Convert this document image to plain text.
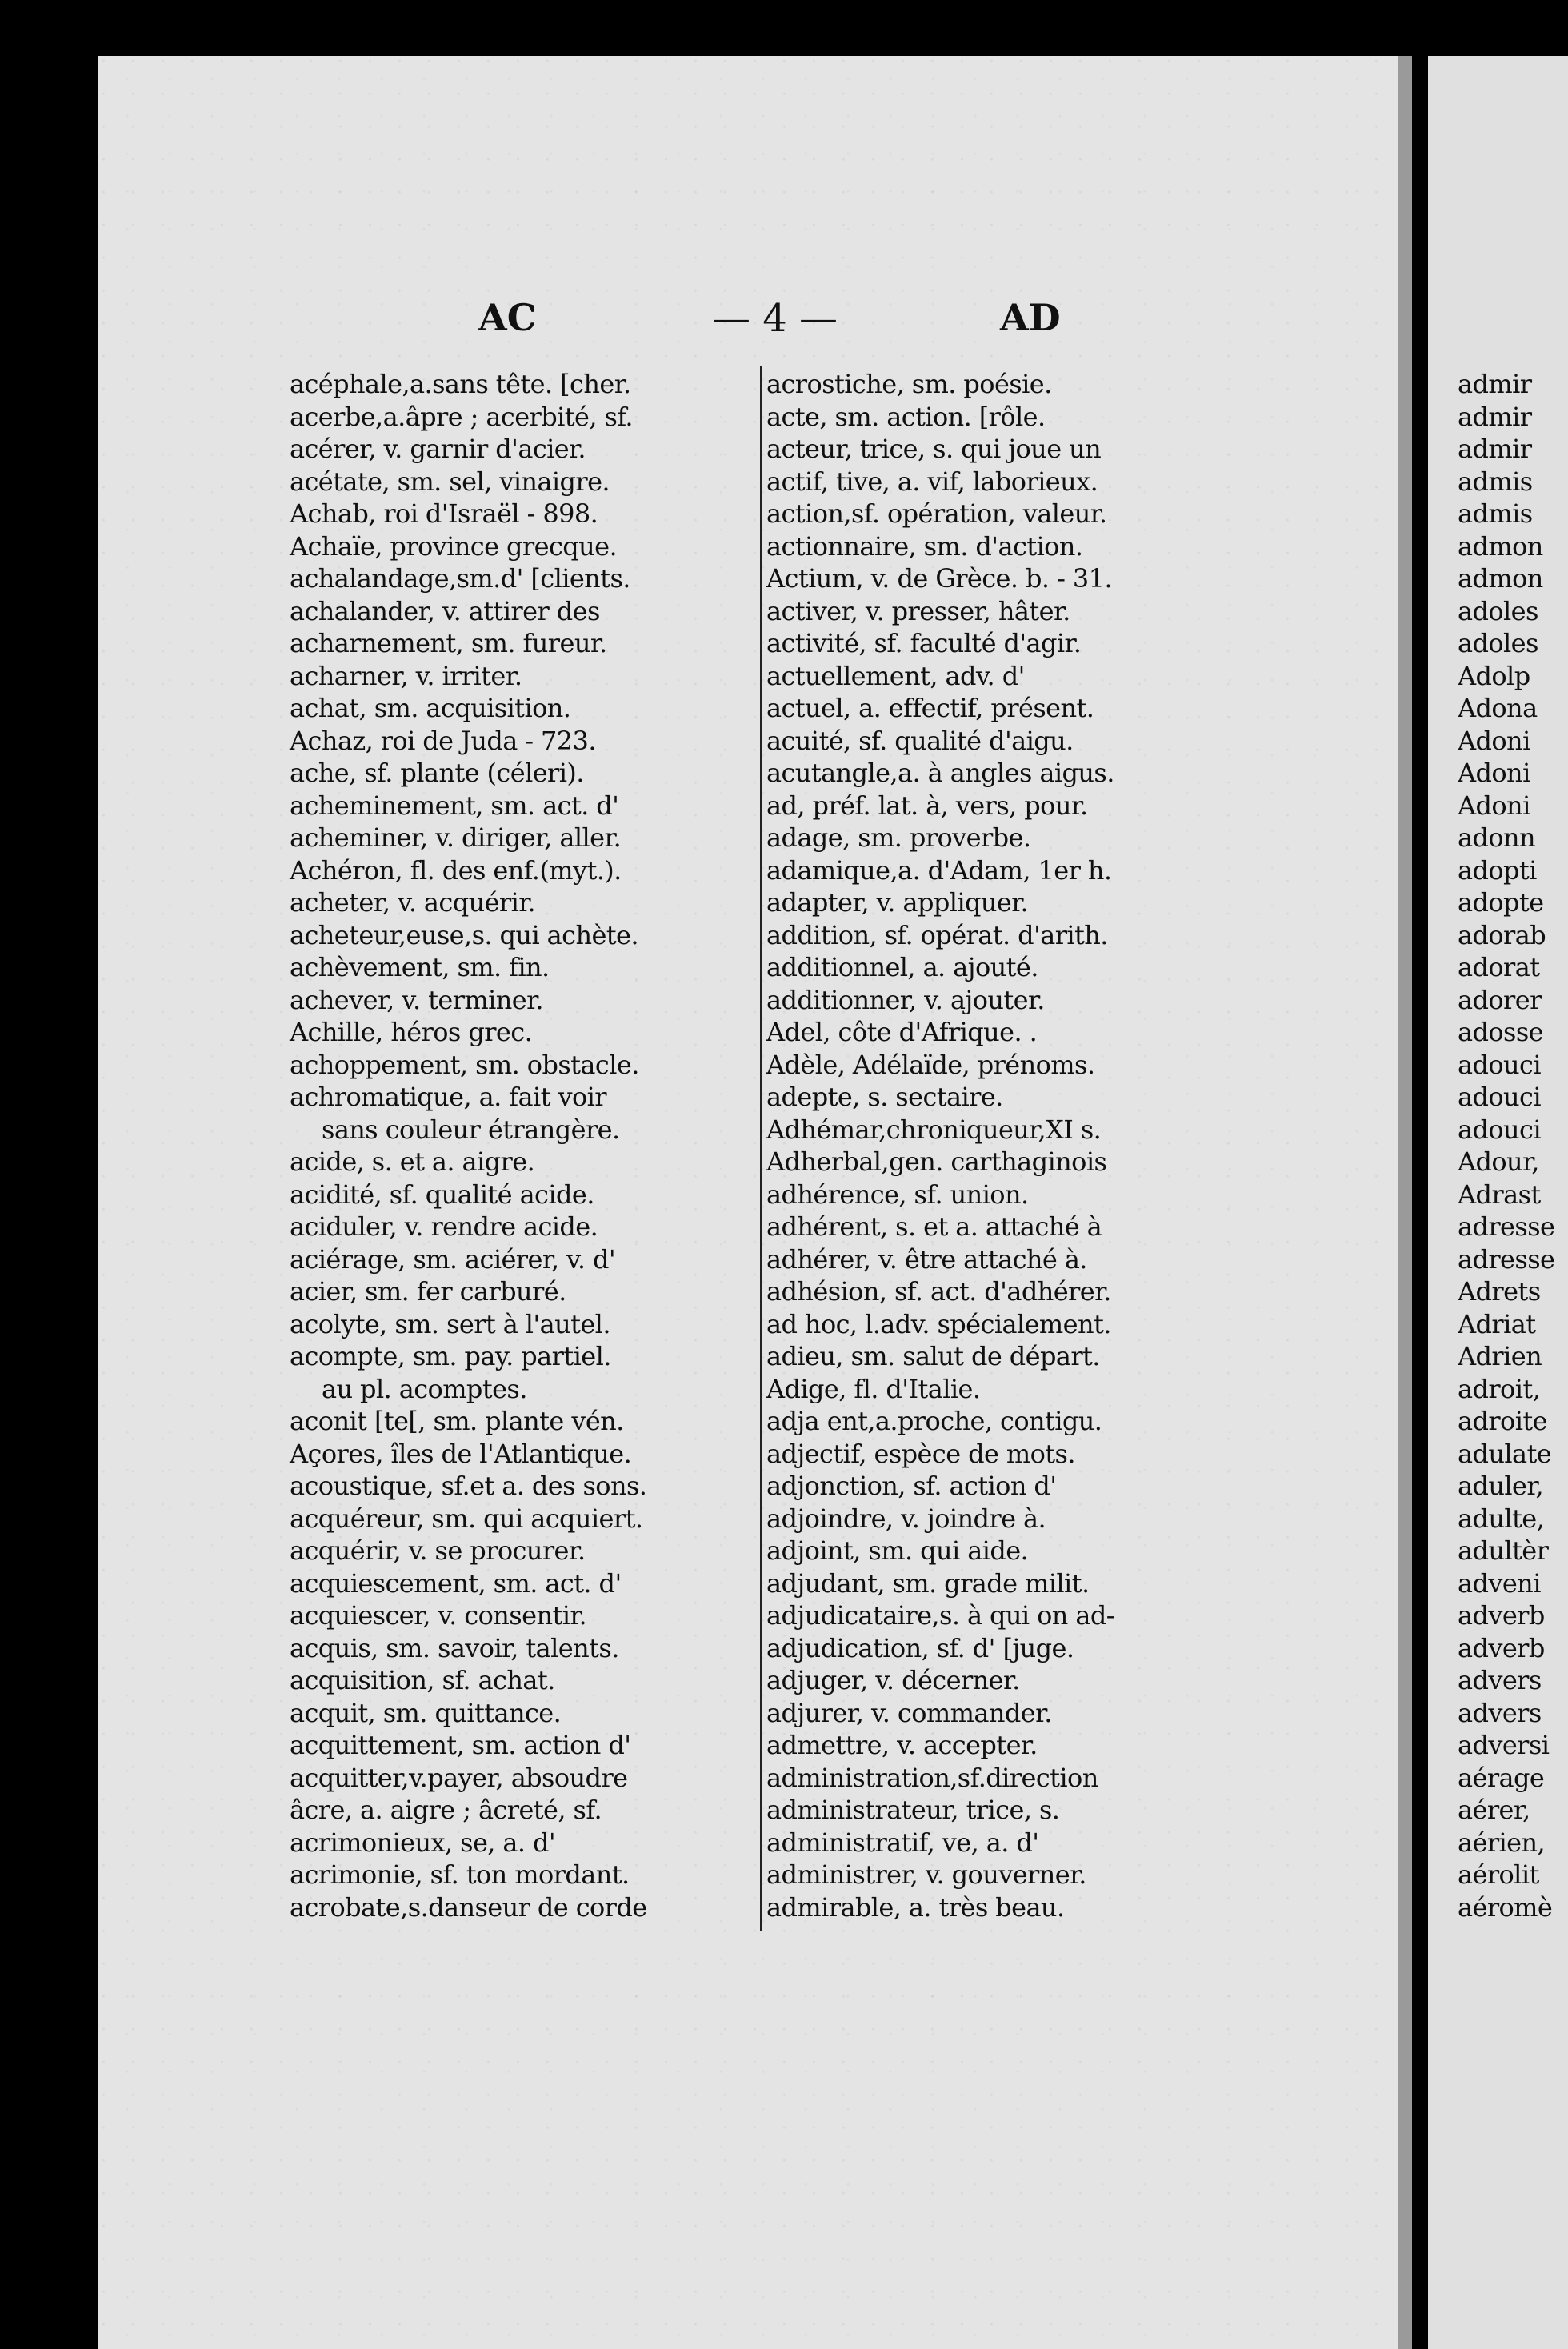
AC	— 4 —	AD
acéphale,a.sans tête. [cher.
acerbe,a.âpre ; acerbité, sf.
acérer, v. garnir d'acier.
acétate, sm. sel, vinaigre.
Achab, roi d'Israël - 898.
Achaïe, province grecque.
achalandage,sm.d' [clients.
achalander, v. attirer des
acharnement, sm. fureur.
acharner, v. irriter.
achat, sm. acquisition.
Achaz, roi de Juda - 723.
ache, sf. plante (céleri).
acheminement, sm. act. d'
acheminer, v. diriger, aller.
Achéron, fl. des enf.(myt.).
acheter, v. acquérir.
acheteur,euse,s. qui achète.
achèvement, sm. fin.
achever, v. terminer.
Achille, héros grec.
achoppement, sm. obstacle.
achromatique, a. fait voir
sans couleur étrangère.
acide, s. et a. aigre.
acidité, sf. qualité acide.
aciduler, v. rendre acide.
aciérage, sm. aciérer, v. d'
acier, sm. fer carburé.
acolyte, sm. sert à l'autel.
acompte, sm. pay. partiel.
au pl. acomptes.
aconit [te[, sm. plante vén.
Açores, îles de l'Atlantique.
acoustique, sf.et a. des sons.
acquéreur, sm. qui acquiert.
acquérir, v. se procurer.
acquiescement, sm. act. d'
acquiescer, v. consentir.
acquis, sm. savoir, talents.
acquisition, sf. achat.
acquit, sm. quittance.
acquittement, sm. action d'
acquitter,v.payer, absoudre
âcre, a. aigre ; âcreté, sf.
acrimonieux, se, a. d'
acrimonie, sf. ton mordant.
acrobate,s.danseur de corde
acrostiche, sm. poésie.
acte, sm. action. [rôle.
acteur, trice, s. qui joue un
actif, tive, a. vif, laborieux.
action,sf. opération, valeur.
actionnaire, sm. d'action.
Actium, v. de Grèce. b. - 31.
activer, v. presser, hâter.
activité, sf. faculté d'agir.
actuellement, adv. d'
actuel, a. effectif, présent.
acuité, sf. qualité d'aigu.
acutangle,a. à angles aigus.
ad, préf. lat. à, vers, pour.
adage, sm. proverbe.
adamique,a. d'Adam, 1er h.
adapter, v. appliquer.
addition, sf. opérat. d'arith.
additionnel, a. ajouté.
additionner, v. ajouter.
Adel, côte d'Afrique. .
Adèle, Adélaïde, prénoms.
adepte, s. sectaire.
Adhémar,chroniqueur,XI s.
Adherbal,gen. carthaginois
adhérence, sf. union.
adhérent, s. et a. attaché à
adhérer, v. être attaché à.
adhésion, sf. act. d'adhérer.
ad hoc, l.adv. spécialement.
adieu, sm. salut de départ.
Adige, fl. d'Italie.
adja ent,a.proche, contigu.
adjectif, espèce de mots.
adjonction, sf. action d'
adjoindre, v. joindre à.
adjoint, sm. qui aide.
adjudant, sm. grade milit.
adjudicataire,s. à qui on ad-
adjudication, sf. d' [juge.
adjuger, v. décerner.
adjurer, v. commander.
admettre, v. accepter.
administration,sf.direction
administrateur, trice, s.
administratif, ve, a. d'
administrer, v. gouverner.
admirable, a. très beau.
admir
admir
admir
admis
admis
admon
admon
adoles
adoles
Adolp
Adona
Adoni
Adoni
Adoni
adonn
adopti
adopte
adorab
adorat
adorer
adosse
adouci
adouci
adouci
Adour,
Adrast
adresse
adresse
Adrets
Adriat
Adrien
adroit,
adroite
adulate
aduler,
adulte,
adultèr
adveni
adverb
adverb
advers
advers
adversi
aérage
aérer,
aérien,
aérolit
aéromè
